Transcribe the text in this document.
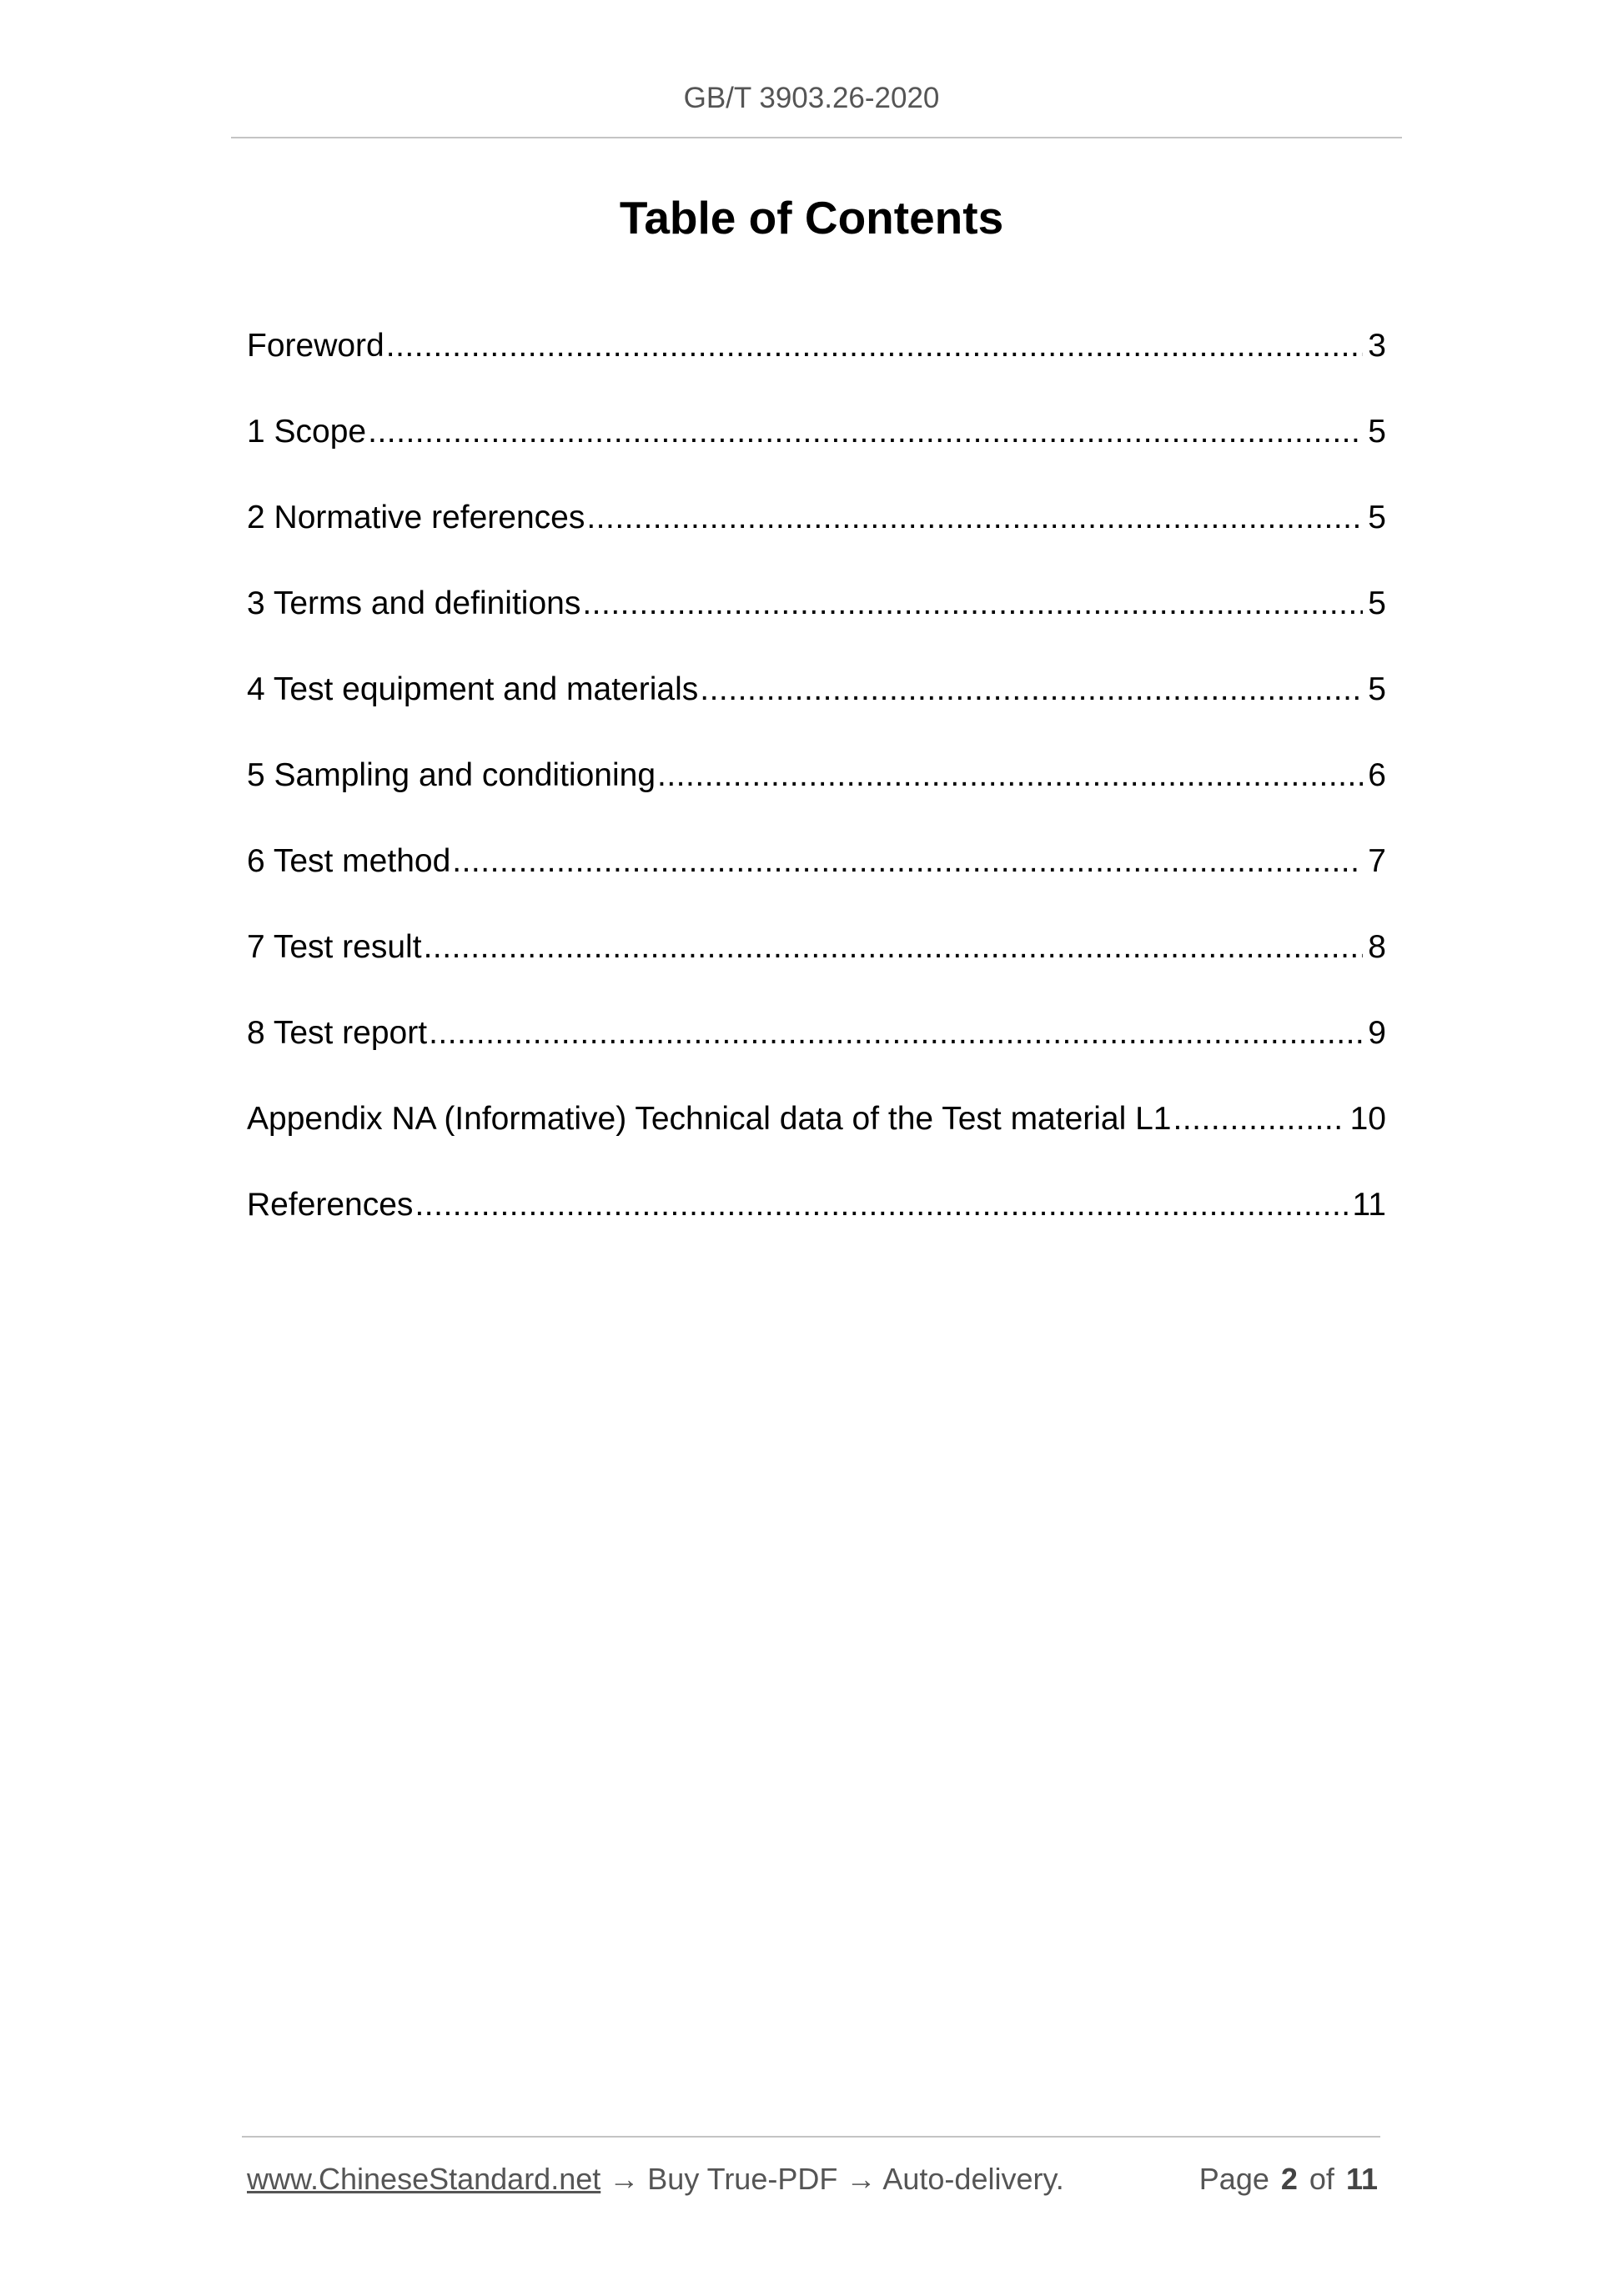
GB/T 3903.26-2020
Table of Contents
Foreword .....	3
1 Scope .....	5
2 Normative references .....	5
3 Terms and definitions .....	5
4 Test equipment and materials .....	5
5 Sampling and conditioning .....	6
6 Test method .....	7
7 Test result .....	8
8 Test report .....	9
Appendix NA (Informative) Technical data of the Test material L1 .....	10
References .....	11
www.ChineseStandard.net → Buy True-PDF → Auto-delivery.	Page 2 of 11
